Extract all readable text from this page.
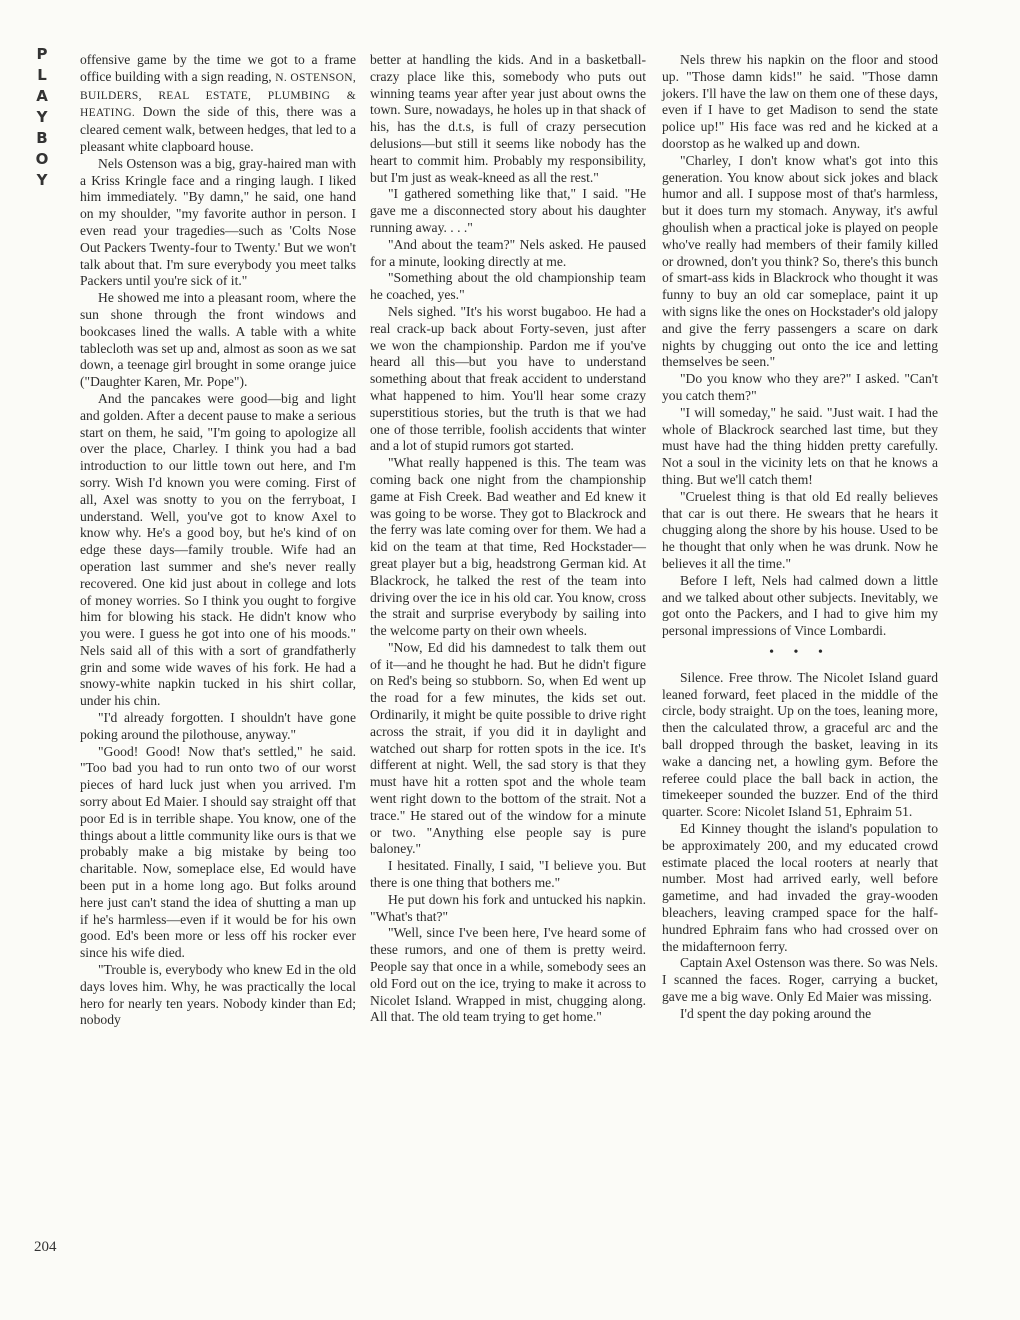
P
L
A
Y
B
O
Y
204

offensive game by the time we got to a frame office building with a sign reading, N. OSTENSON, BUILDERS, REAL ESTATE, PLUMBING & HEATING. Down the side of this, there was a cleared cement walk, between hedges, that led to a pleasant white clapboard house.

Nels Ostenson was a big, gray-haired man with a Kriss Kringle face and a ringing laugh. I liked him immediately. "By damn," he said, one hand on my shoulder, "my favorite author in person. I even read your tragedies—such as 'Colts Nose Out Packers Twenty-four to Twenty.' But we won't talk about that. I'm sure everybody you meet talks Packers until you're sick of it."

He showed me into a pleasant room, where the sun shone through the front windows and bookcases lined the walls. A table with a white tablecloth was set up and, almost as soon as we sat down, a teenage girl brought in some orange juice ("Daughter Karen, Mr. Pope").

And the pancakes were good—big and light and golden. After a decent pause to make a serious start on them, he said, "I'm going to apologize all over the place, Charley. I think you had a bad introduction to our little town out here, and I'm sorry. Wish I'd known you were coming. First of all, Axel was snotty to you on the ferryboat, I understand. Well, you've got to know Axel to know why. He's a good boy, but he's kind of on edge these days—family trouble. Wife had an operation last summer and she's never really recovered. One kid just about in college and lots of money worries. So I think you ought to forgive him for blowing his stack. He didn't know who you were. I guess he got into one of his moods." Nels said all of this with a sort of grandfatherly grin and some wide waves of his fork. He had a snowy-white napkin tucked in his shirt collar, under his chin.

"I'd already forgotten. I shouldn't have gone poking around the pilothouse, anyway."

"Good! Good! Now that's settled," he said. "Too bad you had to run onto two of our worst pieces of hard luck just when you arrived. I'm sorry about Ed Maier. I should say straight off that poor Ed is in terrible shape. You know, one of the things about a little community like ours is that we probably make a big mistake by being too charitable. Now, someplace else, Ed would have been put in a home long ago. But folks around here just can't stand the idea of shutting a man up if he's harmless—even if it would be for his own good. Ed's been more or less off his rocker ever since his wife died.

"Trouble is, everybody who knew Ed in the old days loves him. Why, he was practically the local hero for nearly ten years. Nobody kinder than Ed; nobody

better at handling the kids. And in a basketball-crazy place like this, somebody who puts out winning teams year after year just about owns the town. Sure, nowadays, he holes up in that shack of his, has the d.t.s, is full of crazy persecution delusions—but still it seems like nobody has the heart to commit him. Probably my responsibility, but I'm just as weak-kneed as all the rest."

"I gathered something like that," I said. "He gave me a disconnected story about his daughter running away. . . ."

"And about the team?" Nels asked. He paused for a minute, looking directly at me.

"Something about the old championship team he coached, yes."

Nels sighed. "It's his worst bugaboo. He had a real crack-up back about Forty-seven, just after we won the championship. Pardon me if you've heard all this—but you have to understand something about that freak accident to understand what happened to him. You'll hear some crazy superstitious stories, but the truth is that we had one of those terrible, foolish accidents that winter and a lot of stupid rumors got started.

"What really happened is this. The team was coming back one night from the championship game at Fish Creek. Bad weather and Ed knew it was going to be worse. They got to Blackrock and the ferry was late coming over for them. We had a kid on the team at that time, Red Hockstader—great player but a big, headstrong German kid. At Blackrock, he talked the rest of the team into driving over the ice in his old car. You know, cross the strait and surprise everybody by sailing into the welcome party on their own wheels.

"Now, Ed did his damnedest to talk them out of it—and he thought he had. But he didn't figure on Red's being so stubborn. So, when Ed went up the road for a few minutes, the kids set out. Ordinarily, it might be quite possible to drive right across the strait, if you did it in daylight and watched out sharp for rotten spots in the ice. It's different at night. Well, the sad story is that they must have hit a rotten spot and the whole team went right down to the bottom of the strait. Not a trace." He stared out of the window for a minute or two. "Anything else people say is pure baloney."

I hesitated. Finally, I said, "I believe you. But there is one thing that bothers me."

He put down his fork and untucked his napkin. "What's that?"

"Well, since I've been here, I've heard some of these rumors, and one of them is pretty weird. People say that once in a while, somebody sees an old Ford out on the ice, trying to make it across to Nicolet Island. Wrapped in mist, chugging along. All that. The old team trying to get home."

Nels threw his napkin on the floor and stood up. "Those damn kids!" he said. "Those damn jokers. I'll have the law on them one of these days, even if I have to get Madison to send the state police up!" His face was red and he kicked at a doorstop as he walked up and down.

"Charley, I don't know what's got into this generation. You know about sick jokes and black humor and all. I suppose most of that's harmless, but it does turn my stomach. Anyway, it's awful ghoulish when a practical joke is played on people who've really had members of their family killed or drowned, don't you think? So, there's this bunch of smart-ass kids in Blackrock who thought it was funny to buy an old car someplace, paint it up with signs like the ones on Hockstader's old jalopy and give the ferry passengers a scare on dark nights by chugging out onto the ice and letting themselves be seen."

"Do you know who they are?" I asked. "Can't you catch them?"

"I will someday," he said. "Just wait. I had the whole of Blackrock searched last time, but they must have had the thing hidden pretty carefully. Not a soul in the vicinity lets on that he knows a thing. But we'll catch them!

"Cruelest thing is that old Ed really believes that car is out there. He swears that he hears it chugging along the shore by his house. Used to be he thought that only when he was drunk. Now he believes it all the time."

Before I left, Nels had calmed down a little and we talked about other subjects. Inevitably, we got onto the Packers, and I had to give him my personal impressions of Vince Lombardi.

• • •

Silence. Free throw. The Nicolet Island guard leaned forward, feet placed in the middle of the circle, body straight. Up on the toes, leaning more, then the calculated throw, a graceful arc and the ball dropped through the basket, leaving in its wake a dancing net, a howling gym. Before the referee could place the ball back in action, the timekeeper sounded the buzzer. End of the third quarter. Score: Nicolet Island 51, Ephraim 51.

Ed Kinney thought the island's population to be approximately 200, and my educated crowd estimate placed the local rooters at nearly that number. Most had arrived early, well before gametime, and had invaded the gray-wooden bleachers, leaving cramped space for the half-hundred Ephraim fans who had crossed over on the midafternoon ferry.

Captain Axel Ostenson was there. So was Nels. I scanned the faces. Roger, carrying a bucket, gave me a big wave. Only Ed Maier was missing.

I'd spent the day poking around the
